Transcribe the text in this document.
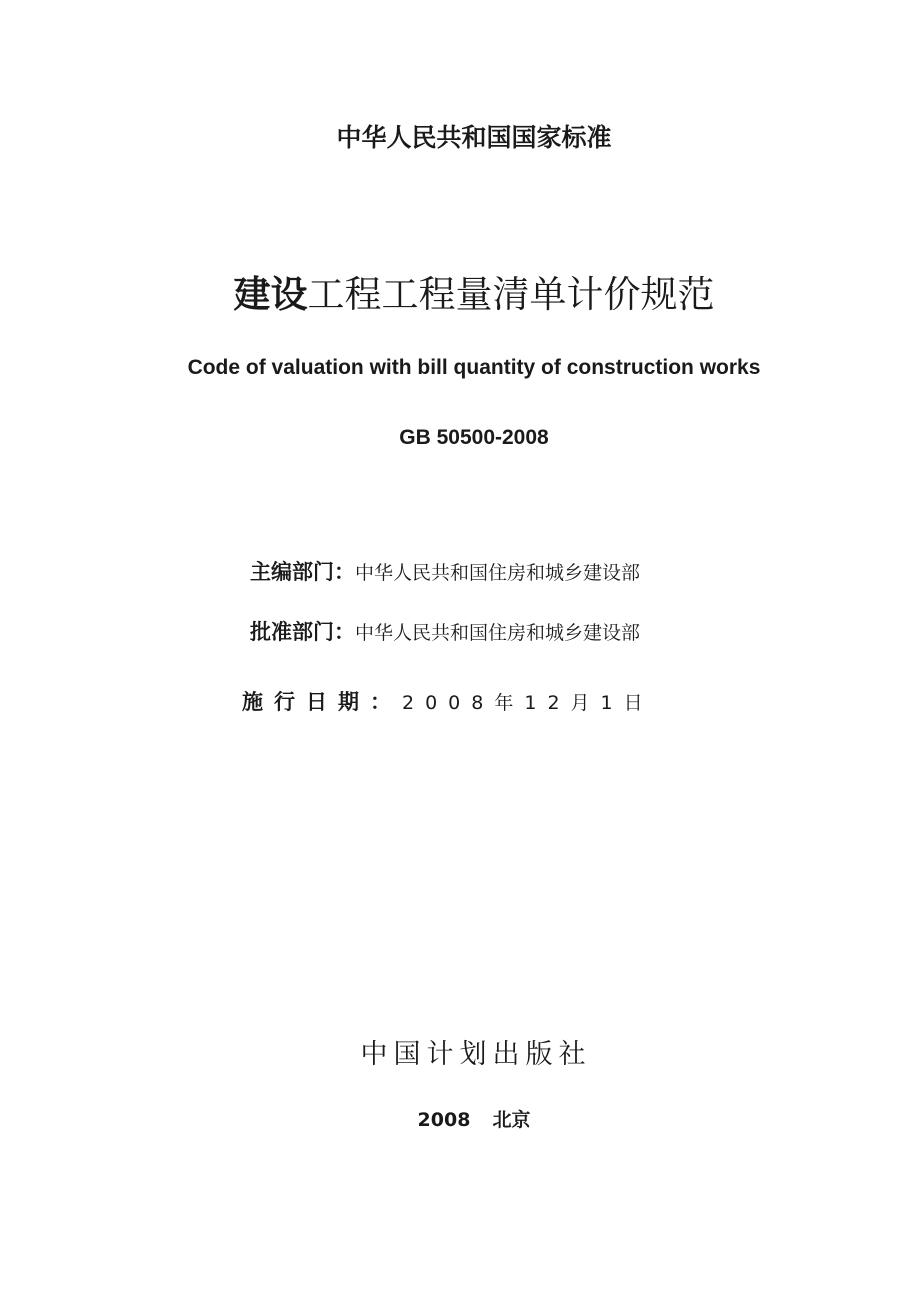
中华人民共和国国家标准
建设工程工程量清单计价规范
Code of valuation with bill quantity of construction works
GB 50500-2008
主编部门：中华人民共和国住房和城乡建设部
批准部门：中华人民共和国住房和城乡建设部
施行日期：2008年12月1日
中国计划出版社
2008 北京
